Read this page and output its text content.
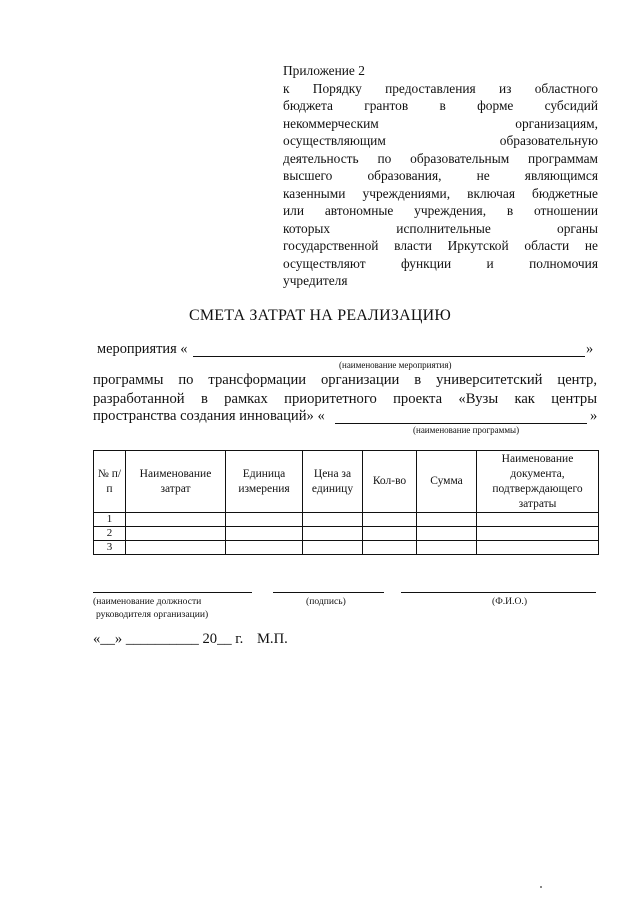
Приложение 2
к Порядку предоставления из областного
бюджета грантов в форме субсидий
некоммерческим организациям,
осуществляющим образовательную
деятельность по образовательным программам
высшего образования, не являющимся
казенными учреждениями, включая бюджетные
или автономные учреждения, в отношении
которых исполнительные органы
государственной власти Иркутской области не
осуществляют функции и полномочия
учредителя
СМЕТА ЗАТРАТ НА РЕАЛИЗАЦИЮ
мероприятия «	»
(наименование мероприятия)
программы по трансформации организации в университетский центр,
разработанной в рамках приоритетного проекта «Вузы как центры
пространства создания инноваций» «	»
(наименование программы)
№ п/п	Наименование затрат	Единица измерения	Цена за единицу	Кол-во	Сумма	Наименование документа, подтверждающего затраты
1						
2						
3						
(наименование должности
руководителя организации)
(подпись)	(Ф.И.О.)
«__» __________ 20__ г. М.П.
